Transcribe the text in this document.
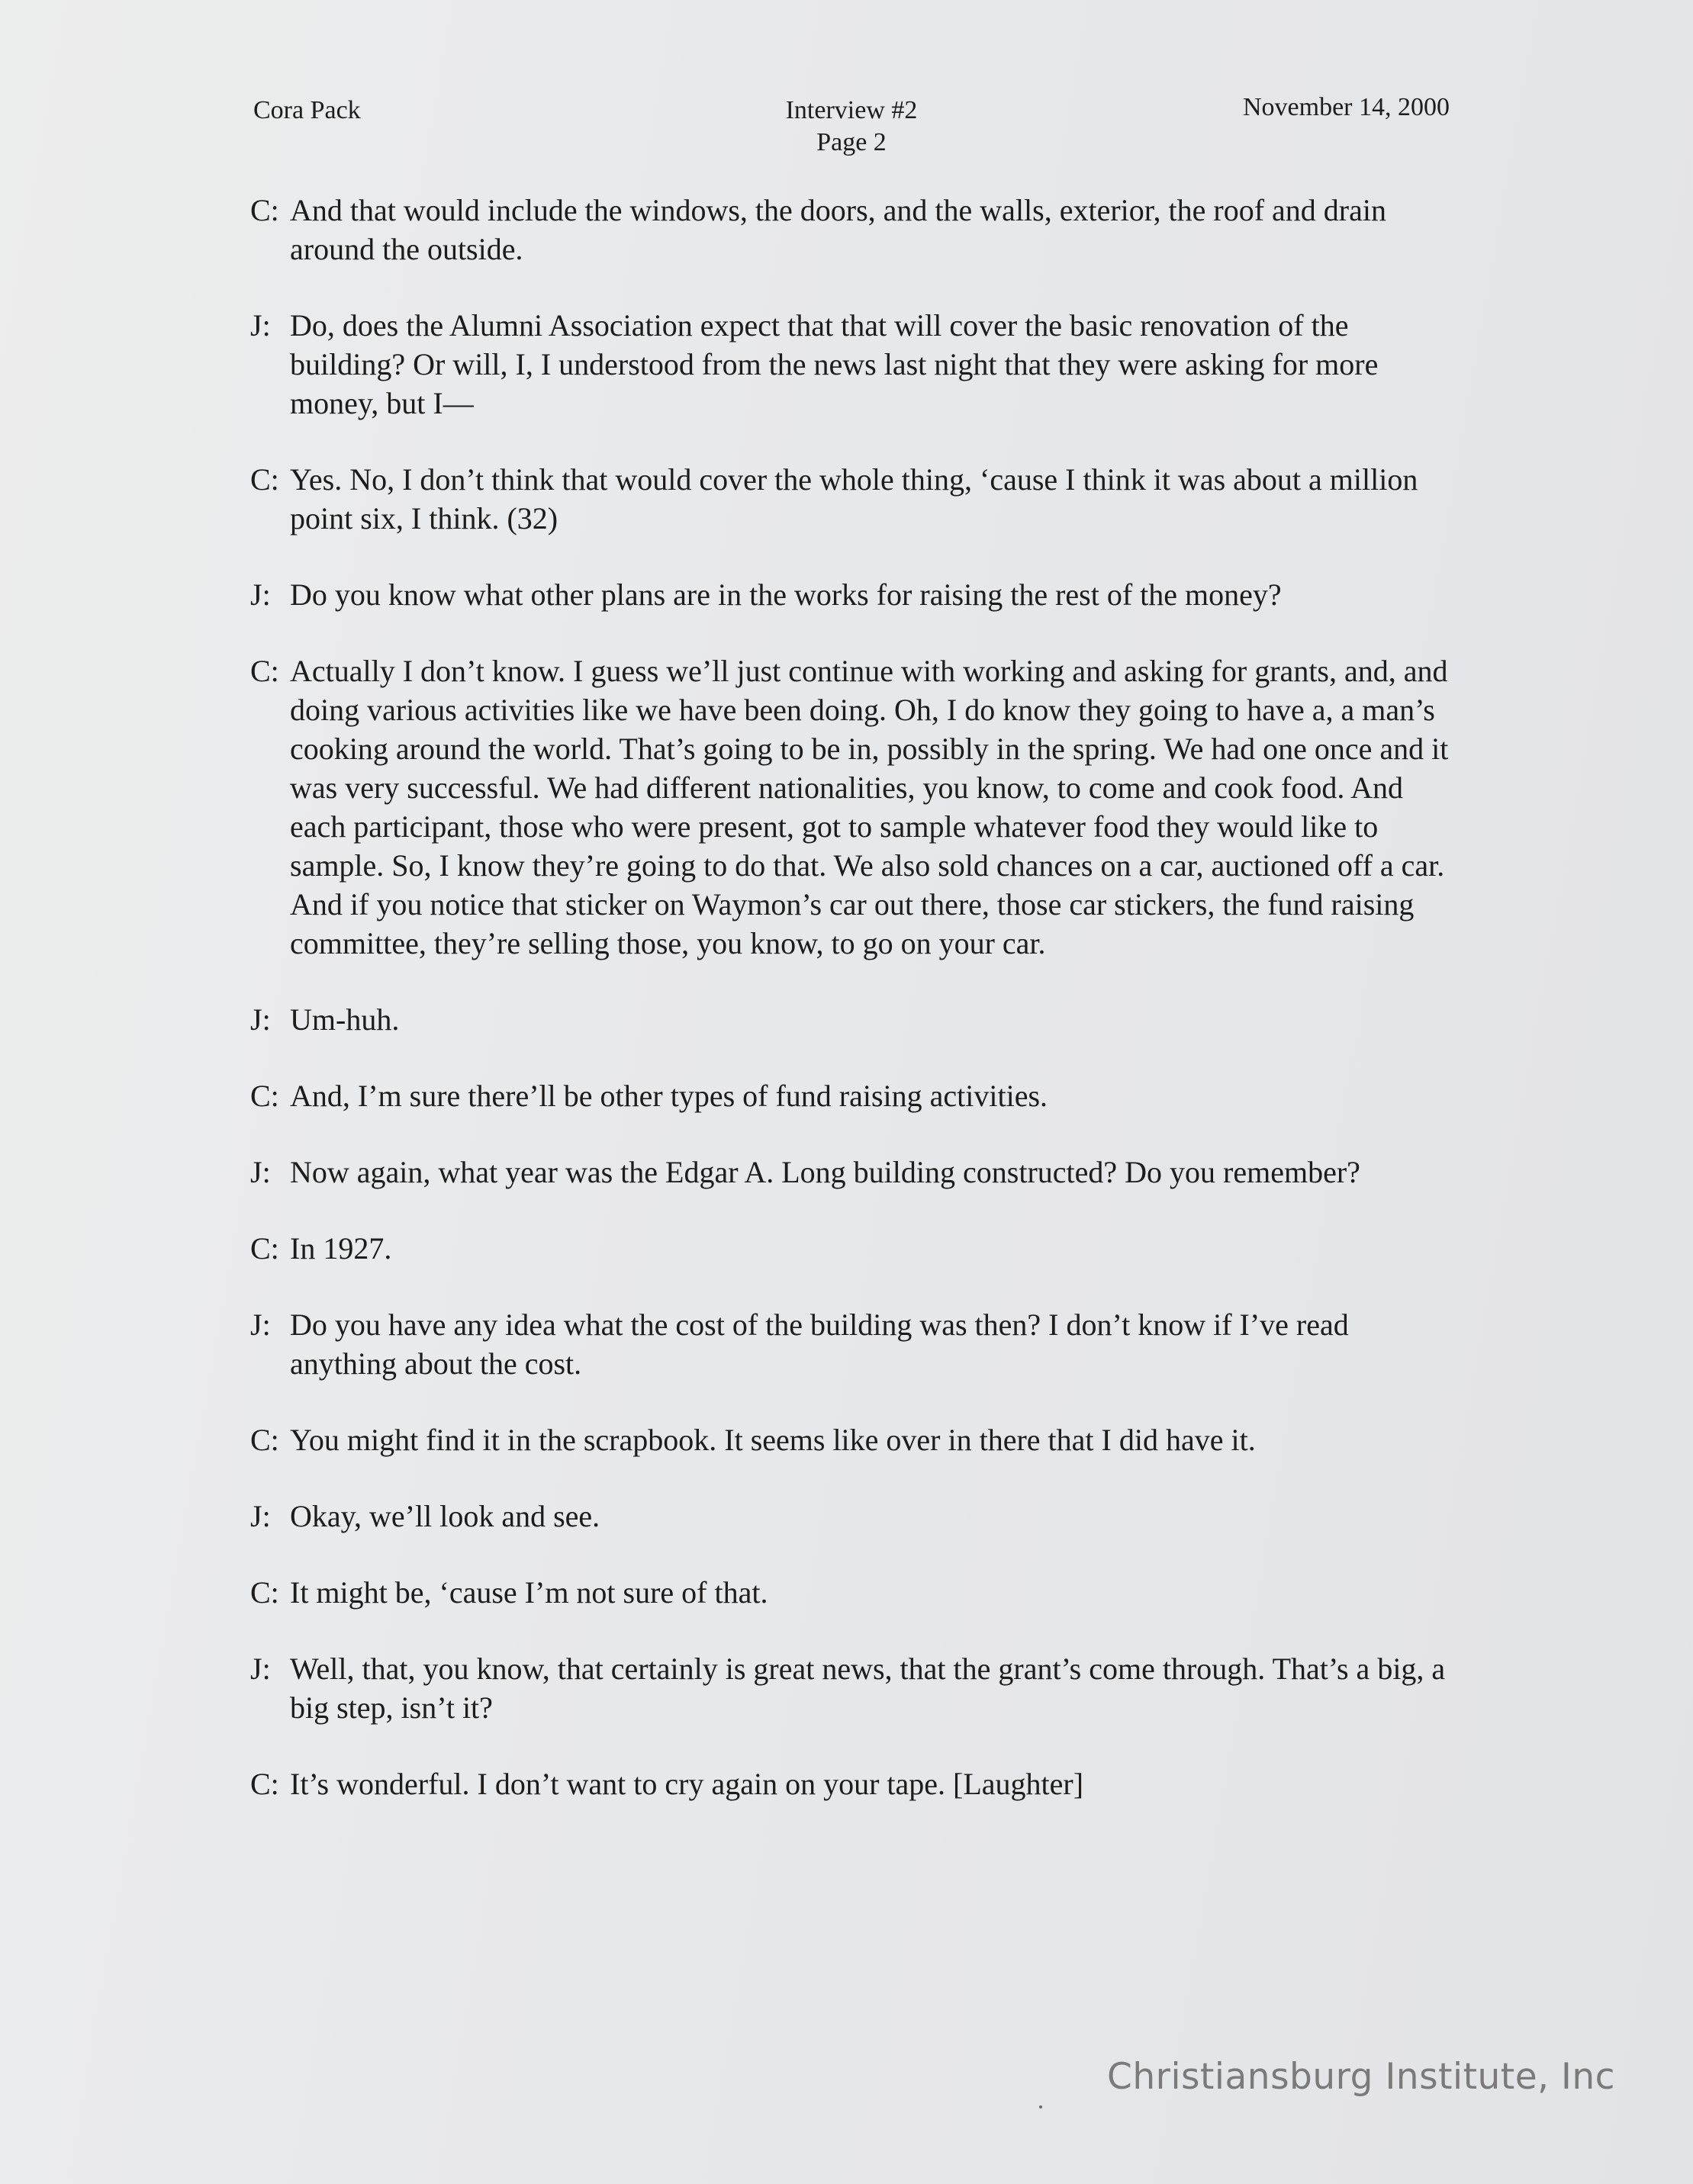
Cora Pack	Interview #2
Page 2
November 14, 2000
C: And that would include the windows, the doors, and the walls, exterior, the roof and drain around the outside.
J: Do, does the Alumni Association expect that that will cover the basic renovation of the building? Or will, I, I understood from the news last night that they were asking for more money, but I—
C: Yes. No, I don’t think that would cover the whole thing, ‘cause I think it was about a million point six, I think. (32)
J: Do you know what other plans are in the works for raising the rest of the money?
C: Actually I don’t know. I guess we’ll just continue with working and asking for grants, and, and doing various activities like we have been doing. Oh, I do know they going to have a, a man’s cooking around the world. That’s going to be in, possibly in the spring. We had one once and it was very successful. We had different nationalities, you know, to come and cook food. And each participant, those who were present, got to sample whatever food they would like to sample. So, I know they’re going to do that. We also sold chances on a car, auctioned off a car. And if you notice that sticker on Waymon’s car out there, those car stickers, the fund raising committee, they’re selling those, you know, to go on your car.
J: Um-huh.
C: And, I’m sure there’ll be other types of fund raising activities.
J: Now again, what year was the Edgar A. Long building constructed? Do you remember?
C: In 1927.
J: Do you have any idea what the cost of the building was then? I don’t know if I’ve read anything about the cost.
C: You might find it in the scrapbook. It seems like over in there that I did have it.
J: Okay, we’ll look and see.
C: It might be, ‘cause I’m not sure of that.
J: Well, that, you know, that certainly is great news, that the grant’s come through. That’s a big, a big step, isn’t it?
C: It’s wonderful. I don’t want to cry again on your tape. [Laughter]
Christiansburg Institute, Inc
